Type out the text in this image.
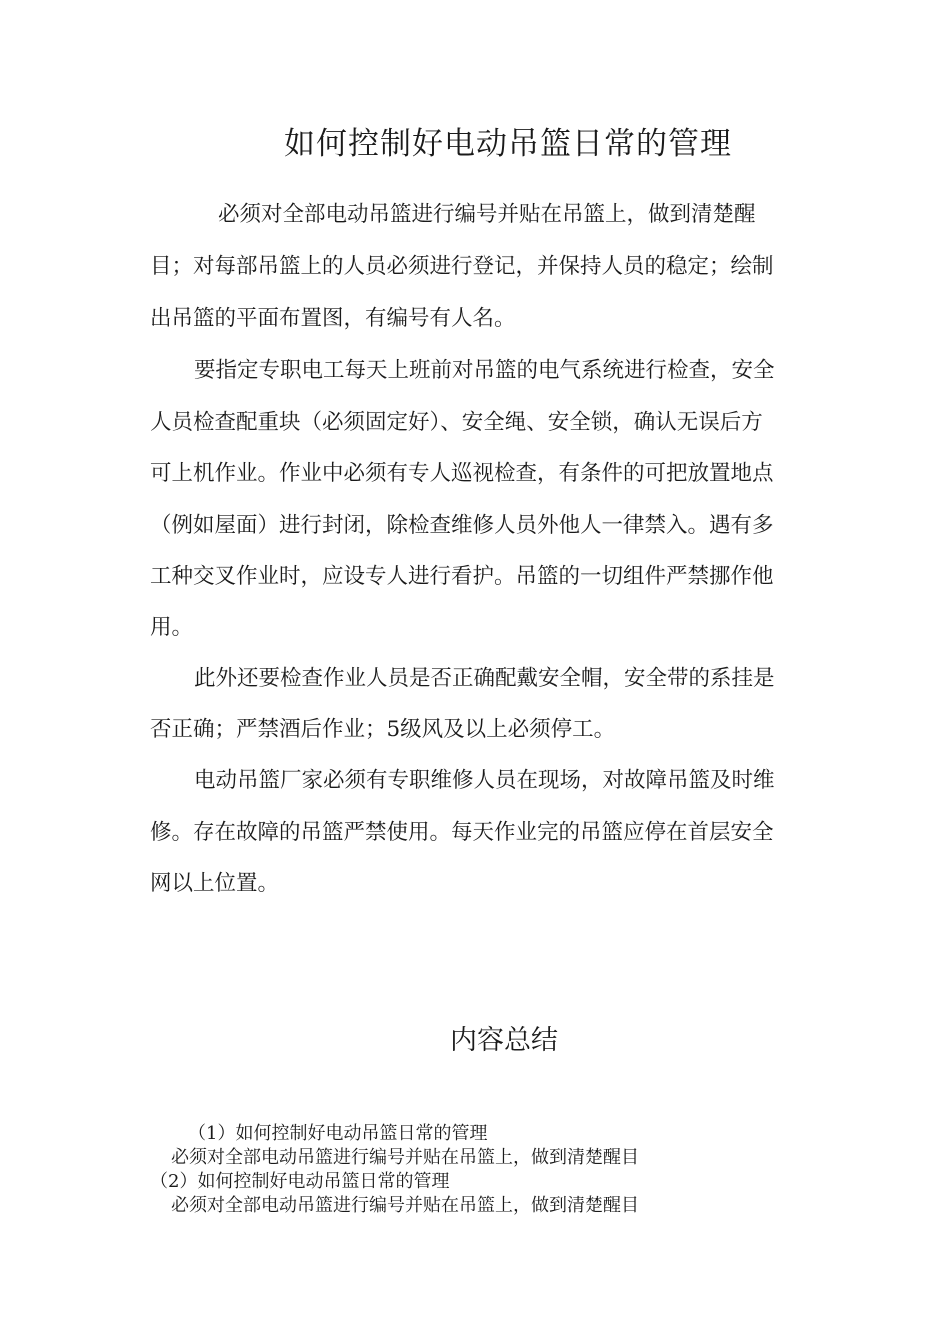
如何控制好电动吊篮日常的管理

必须对全部电动吊篮进行编号并贴在吊篮上，做到清楚醒

目；对每部吊篮上的人员必须进行登记，并保持人员的稳定；绘制

出吊篮的平面布置图，有编号有人名。

要指定专职电工每天上班前对吊篮的电气系统进行检查，安全

人员检查配重块（必须固定好）、安全绳、安全锁，确认无误后方

可上机作业。作业中必须有专人巡视检查，有条件的可把放置地点

（例如屋面）进行封闭，除检查维修人员外他人一律禁入。遇有多

工种交叉作业时，应设专人进行看护。吊篮的一切组件严禁挪作他

用。

此外还要检查作业人员是否正确配戴安全帽，安全带的系挂是

否正确；严禁酒后作业；5级风及以上必须停工。

电动吊篮厂家必须有专职维修人员在现场，对故障吊篮及时维

修。存在故障的吊篮严禁使用。每天作业完的吊篮应停在首层安全

网以上位置。

内容总结

（1）如何控制好电动吊篮日常的管理

必须对全部电动吊篮进行编号并贴在吊篮上，做到清楚醒目

（2）如何控制好电动吊篮日常的管理

必须对全部电动吊篮进行编号并贴在吊篮上，做到清楚醒目
